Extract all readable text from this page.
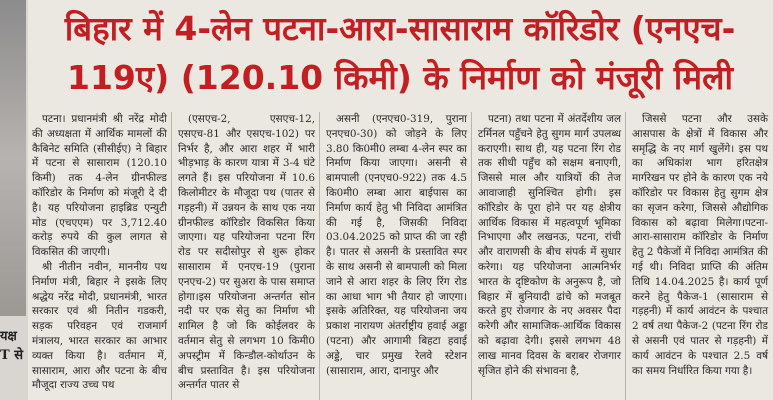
यक्ष
T से
बिहार में 4-लेन पटना-आरा-सासाराम कॉरिडोर (एनएच-
119ए) (120.10 किमी) के निर्माण को मंजूरी मिली

पटना। प्रधानमंत्री श्री नरेंद्र मोदी की अध्यक्षता में आर्थिक मामलों की कैबिनेट समिति (सीसीईए) ने बिहार में पटना से सासाराम (120.10 किमी) तक 4-लेन ग्रीनफील्ड कॉरिडोर के निर्माण को मंजूरी दे दी है। यह परियोजना हाइब्रिड एन्युटी मोड (एचएएम) पर 3,712.40 करोड़ रुपये की कुल लागत से विकसित की जाएगी।

श्री नीतीन नवीन, माननीय पथ निर्माण मंत्री, बिहार ने इसके लिए श्रद्धेय नरेंद्र मोदी, प्रधानमंत्री, भारत सरकार एवं श्री नितीन गडकरी, सड़क परिवहन एवं राजमार्ग मंत्रालय, भारत सरकार का आभार व्यक्त किया है। वर्तमान में, सासाराम, आरा और पटना के बीच मौजूदा राज्य उच्च पथ

(एसएच-2, एसएच-12, एसएच-81 और एसएच-102) पर निर्भर है, और आरा शहर में भारी भीड़भाड़ के कारण यात्रा में 3-4 घंटे लगते हैं। इस परियोजना में 10.6 किलोमीटर के मौजूदा पथ (पातर से गड़हनी) में उन्नयन के साथ एक नया ग्रीनफील्ड कॉरिडोर विकसित किया जाएगा। यह परियोजना पटना रिंग रोड पर सदीसोपुर से शुरू होकर सासाराम में एनएच-19 (पुराना एनएच-2) पर सुअरा के पास समाप्त होगा।इस परियोजना अन्तर्गत सोन नदी पर एक सेतु का निर्माण भी शामिल है जो कि कोईलवर के वर्तमान सेतु से लगभग 10 किमी0 अपस्ट्रीम में किन्डौल-कोर्थाउन के बीच प्रस्तावित है। इस परियोजना अन्तर्गत पातर से

असनी (एनएच0-319, पुराना एनएच0-30) को जोड़ने के लिए 3.80 कि0मी0 लम्बा 4-लेन स्पर का निर्माण किया जाएगा। असनी से बामपाली (एनएच0-922) तक 4.5 कि0मी0 लम्बा आरा बाईपास का निर्माण कार्य हेतु भी निविदा आमंत्रित की गई है, जिसकी निविदा 03.04.2025 को प्राप्त की जा रही है। पातर से असनी के प्रस्तावित स्पर के साथ असनी से बामपाली को मिला जाने से आरा शहर के लिए रिंग रोड का आधा भाग भी तैयार हो जाएगा। इसके अतिरिक्त, यह परियोजना जय प्रकाश नारायण अंतर्राष्ट्रीय हवाई अड्डा (पटना) और आगामी बिहटा हवाई अड्डे, चार प्रमुख रेलवे स्टेशन (सासाराम, आरा, दानापुर और

पटना) तथा पटना में अंतर्देशीय जल टर्मिनल पहुँचने हेतु सुगम मार्ग उपलब्ध कराएगी। साथ ही, यह पटना रिंग रोड तक सीधी पहुँच को सक्षम बनाएगी, जिससे माल और यात्रियों की तेज आवाजाही सुनिश्चित होगी। इस कॉरिडोर के पूरा होने पर यह क्षेत्रीय आर्थिक विकास में महत्वपूर्ण भूमिका निभाएगा और लखनऊ, पटना, रांची और वाराणसी के बीच संपर्क में सुधार करेगा। यह परियोजना आत्मनिर्भर भारत के दृष्टिकोण के अनुरूप है, जो बिहार में बुनियादी ढांचे को मजबूत करते हुए रोजगार के नए अवसर पैदा करेगी और सामाजिक-आर्थिक विकास को बढ़ावा देगी। इससे लगभग 48 लाख मानव दिवस के बराबर रोजगार सृजित होने की संभावना है,

जिससे पटना और उसके आसपास के क्षेत्रों में विकास और समृद्धि के नए मार्ग खुलेंगे। इस पथ का अधिकांश भाग हरितक्षेत्र मार्गरेखन पर होने के कारण एक नये कॉरिडोर पर विकास हेतु सुगम क्षेत्र का सृजन करेगा, जिससे औद्योगिक विकास को बढ़ावा मिलेगा।पटना-आरा-सासाराम कॉरिडोर के निर्माण हेतु 2 पैकेजों में निविदा आमंत्रित की गई थी। निविदा प्राप्ति की अंतिम तिथि 14.04.2025 है। कार्य पूर्ण करने हेतु पैकेज-1 (सासाराम से गड़हनी) में कार्य आवंटन के पश्चात 2 वर्ष तथा पैकेज-2 (पटना रिंग रोड से असनी एवं पातर से गड़हनी) में कार्य आवंटन के पश्चात 2.5 वर्ष का समय निर्धारित किया गया है।
